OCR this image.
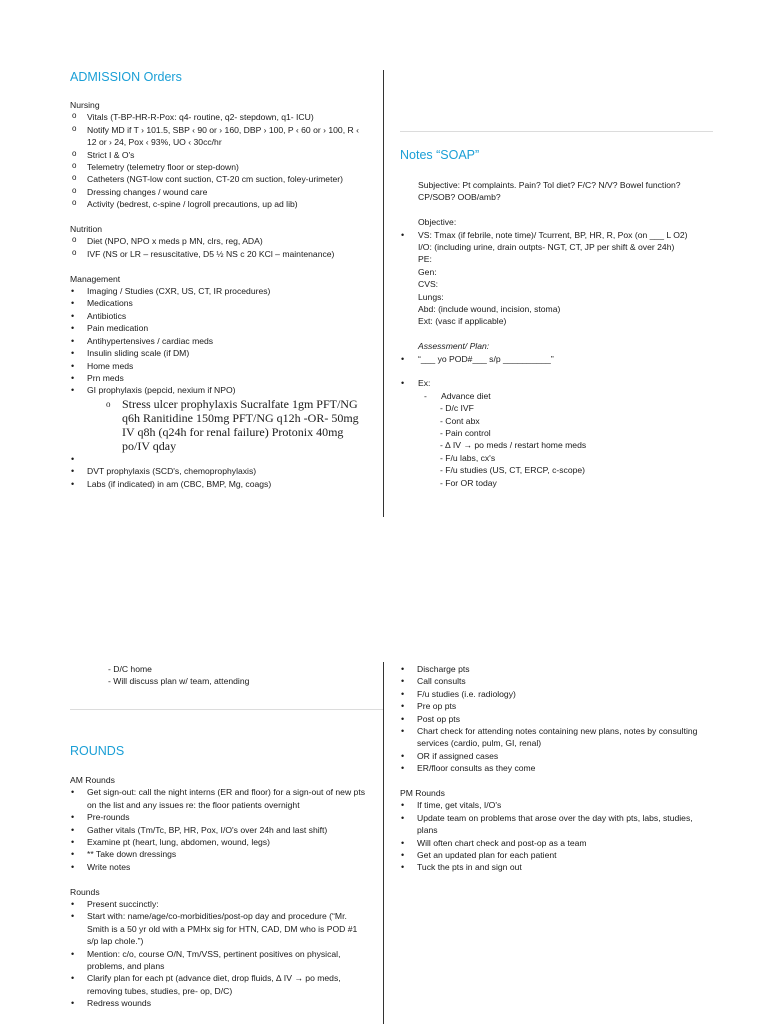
ADMISSION Orders

Nursing

o Vitals (T-BP-HR-R-Pox: q4- routine, q2- stepdown, q1- ICU)
o Notify MD if T › 101.5, SBP ‹ 90 or › 160, DBP › 100, P ‹ 60 or › 100, R ‹ 12 or › 24, Pox ‹ 93%, UO ‹ 30cc/hr
o Strict I & O's
o Telemetry (telemetry floor or step-down)
o Catheters (NGT-low cont suction, CT-20 cm suction, foley-urimeter)
o Dressing changes / wound care
o Activity (bedrest, c-spine / logroll precautions, up ad lib)

Nutrition

o Diet (NPO, NPO x meds p MN, clrs, reg, ADA)
o IVF (NS or LR – resuscitative, D5 ½ NS c 20 KCl – maintenance)

Management

• Imaging / Studies (CXR, US, CT, IR procedures)
• Medications
• Antibiotics
• Pain medication
• Antihypertensives / cardiac meds
• Insulin sliding scale (if DM)
• Home meds
• Prn meds
• GI prophylaxis (pepcid, nexium if NPO)
o Stress ulcer prophylaxis Sucralfate 1gm PFT/NG q6h Ranitidine 150mg PFT/NG q12h -OR- 50mg IV q8h (q24h for renal failure) Protonix 40mg po/IV qday
•
• DVT prophylaxis (SCD's, chemoprophylaxis)
• Labs (if indicated) in am (CBC, BMP, Mg, coags)
Notes “SOAP”

Subjective: Pt complaints. Pain? Tol diet? F/C? N/V? Bowel function? CP/SOB? OOB/amb?

Objective:

• VS: Tmax (if febrile, note time)/ Tcurrent, BP, HR, R, Pox (on ___ L O2)
I/O: (including urine, drain outpts- NGT, CT, JP per shift & over 24h)
PE:
Gen:
CVS:
Lungs:
Abd: (include wound, incision, stoma)
Ext: (vasc if applicable)

Assessment/ Plan:

• “___ yo POD#___ s/p __________”
• Ex:
- Advance diet
- D/c IVF
- Cont abx
- Pain control
- ∆ IV → po meds / restart home meds
- F/u labs, cx's
- F/u studies (US, CT, ERCP, c-scope)
- For OR today
- D/C home
- Will discuss plan w/ team, attending
ROUNDS

AM Rounds

• Get sign-out: call the night interns (ER and floor) for a sign-out of new pts on the list and any issues re: the floor patients overnight
• Pre-rounds
• Gather vitals (Tm/Tc, BP, HR, Pox, I/O's over 24h and last shift)
• Examine pt (heart, lung, abdomen, wound, legs)
• ** Take down dressings
• Write notes

Rounds

• Present succinctly:
• Start with: name/age/co-morbidities/post-op day and procedure (“Mr. Smith is a 50 yr old with a PMHx sig for HTN, CAD, DM who is POD #1 s/p lap chole.”)
• Mention: c/o, course O/N, Tm/VSS, pertinent positives on physical, problems, and plans
• Clarify plan for each pt (advance diet, drop fluids, ∆ IV → po meds, removing tubes, studies, pre- op, D/C)
• Redress wounds
• Discharge pts
• Call consults
• F/u studies (i.e. radiology)
• Pre op pts
• Post op pts
• Chart check for attending notes containing new plans, notes by consulting services (cardio, pulm, GI, renal)
• OR if assigned cases
• ER/floor consults as they come

PM Rounds

• If time, get vitals, I/O's
• Update team on problems that arose over the day with pts, labs, studies, plans
• Will often chart check and post-op as a team
• Get an updated plan for each patient
• Tuck the pts in and sign out
